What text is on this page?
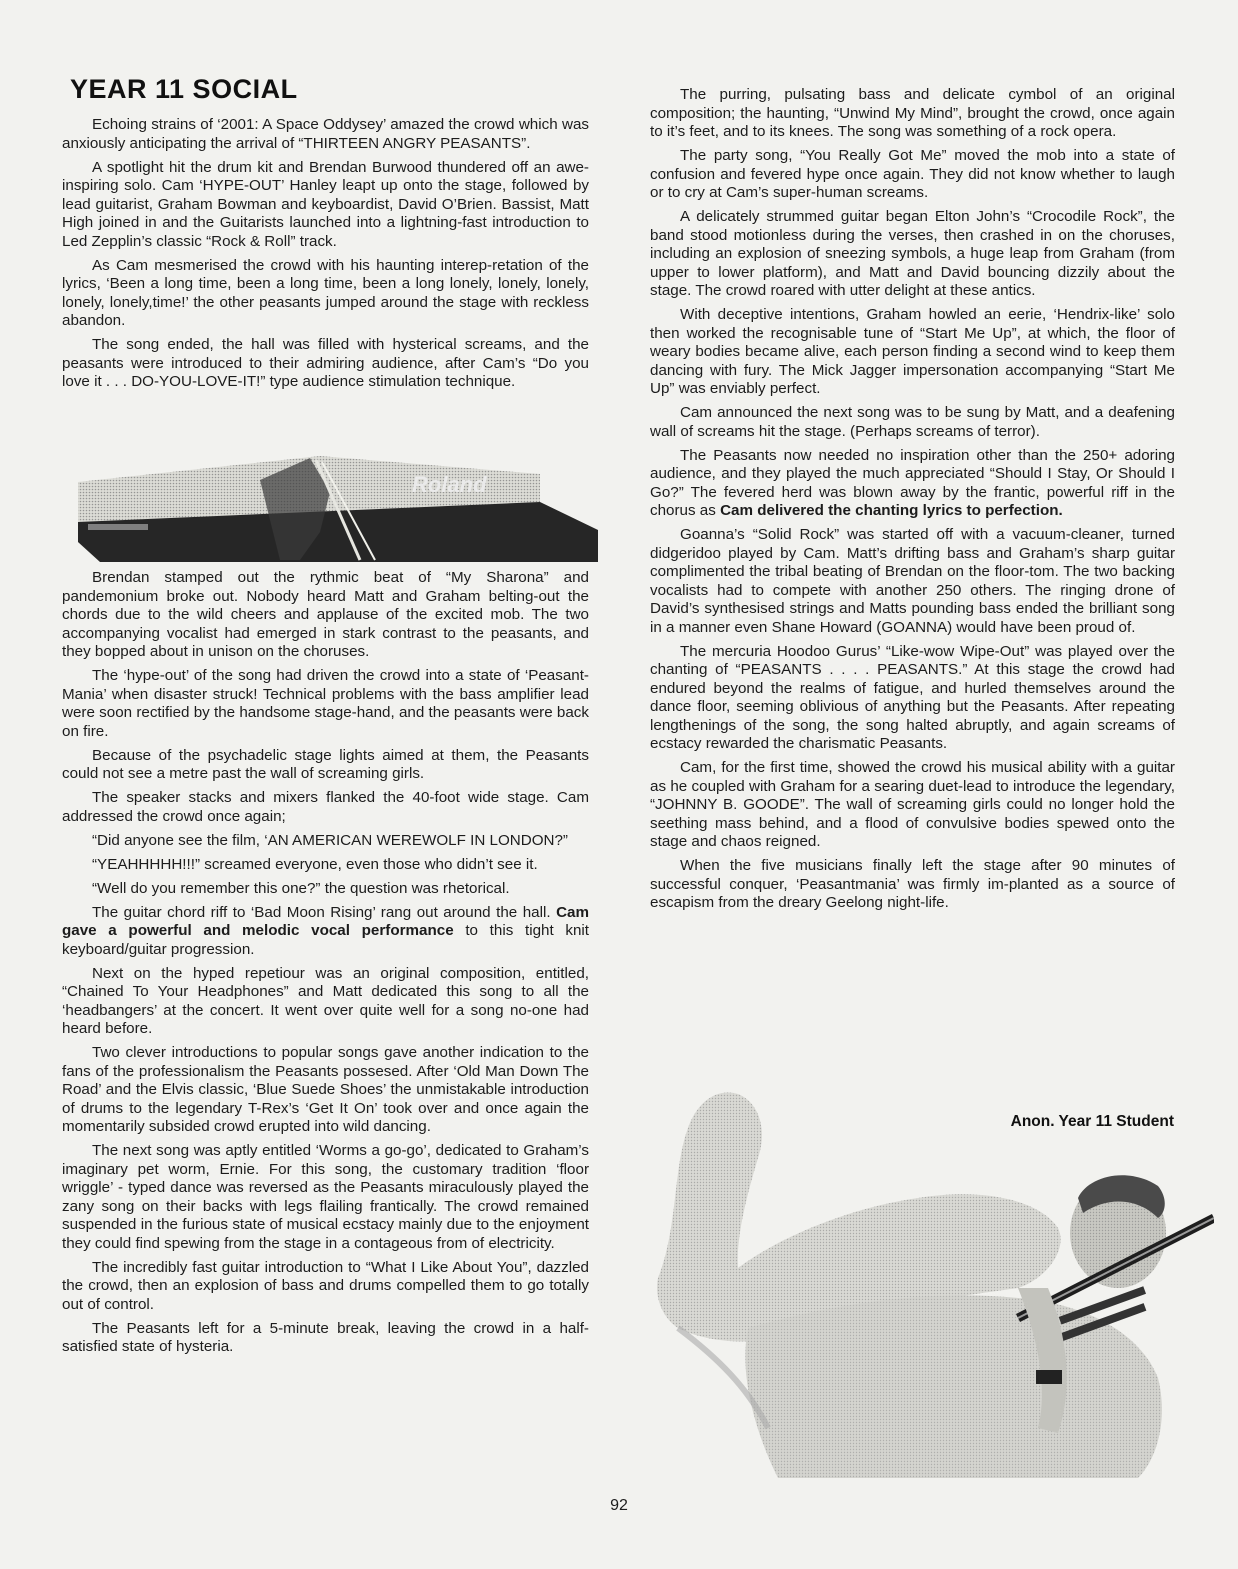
YEAR 11 SOCIAL

Echoing strains of ‘2001: A Space Oddysey’ amazed the crowd which was anxiously anticipating the arrival of “THIRTEEN ANGRY PEASANTS”.

A spotlight hit the drum kit and Brendan Burwood thundered off an awe-inspiring solo. Cam ‘HYPE-OUT’ Hanley leapt up onto the stage, followed by lead guitarist, Graham Bowman and keyboardist, David O’Brien. Bassist, Matt High joined in and the Guitarists launched into a lightning-fast introduction to Led Zepplin’s classic “Rock & Roll” track.

As Cam mesmerised the crowd with his haunting interep-retation of the lyrics, ‘Been a long time, been a long time, been a long lonely, lonely, lonely, lonely, lonely,time!’ the other peasants jumped around the stage with reckless abandon.

The song ended, the hall was filled with hysterical screams, and the peasants were introduced to their admiring audience, after Cam’s “Do you love it . . . DO-YOU-LOVE-IT!” type audience stimulation technique.

Roland

Brendan stamped out the rythmic beat of “My Sharona” and pandemonium broke out. Nobody heard Matt and Graham belting-out the chords due to the wild cheers and applause of the excited mob. The two accompanying vocalist had emerged in stark contrast to the peasants, and they bopped about in unison on the choruses.

The ‘hype-out’ of the song had driven the crowd into a state of ‘Peasant-Mania’ when disaster struck! Technical problems with the bass amplifier lead were soon rectified by the handsome stage-hand, and the peasants were back on fire.

Because of the psychadelic stage lights aimed at them, the Peasants could not see a metre past the wall of screaming girls.

The speaker stacks and mixers flanked the 40-foot wide stage. Cam addressed the crowd once again;

“Did anyone see the film, ‘AN AMERICAN WEREWOLF IN LONDON?”

“YEAHHHHH!!!” screamed everyone, even those who didn’t see it.

“Well do you remember this one?” the question was rhetorical.

The guitar chord riff to ‘Bad Moon Rising’ rang out around the hall. Cam gave a powerful and melodic vocal performance to this tight knit keyboard/guitar progression.

Next on the hyped repetiour was an original composition, entitled, “Chained To Your Headphones” and Matt dedicated this song to all the ‘headbangers’ at the concert. It went over quite well for a song no-one had heard before.

Two clever introductions to popular songs gave another indication to the fans of the professionalism the Peasants possesed. After ‘Old Man Down The Road’ and the Elvis classic, ‘Blue Suede Shoes’ the unmistakable introduction of drums to the legendary T-Rex’s ‘Get It On’ took over and once again the momentarily subsided crowd erupted into wild dancing.

The next song was aptly entitled ‘Worms a go-go’, dedicated to Graham’s imaginary pet worm, Ernie. For this song, the customary tradition ‘floor wriggle’ - typed dance was reversed as the Peasants miraculously played the zany song on their backs with legs flailing frantically. The crowd remained suspended in the furious state of musical ecstacy mainly due to the enjoyment they could find spewing from the stage in a contageous from of electricity.

The incredibly fast guitar introduction to “What I Like About You”, dazzled the crowd, then an explosion of bass and drums compelled them to go totally out of control.

The Peasants left for a 5-minute break, leaving the crowd in a half-satisfied state of hysteria.

The purring, pulsating bass and delicate cymbol of an original composition; the haunting, “Unwind My Mind”, brought the crowd, once again to it’s feet, and to its knees. The song was something of a rock opera.

The party song, “You Really Got Me” moved the mob into a state of confusion and fevered hype once again. They did not know whether to laugh or to cry at Cam’s super-human screams.

A delicately strummed guitar began Elton John’s “Crocodile Rock”, the band stood motionless during the verses, then crashed in on the choruses, including an explosion of sneezing symbols, a huge leap from Graham (from upper to lower platform), and Matt and David bouncing dizzily about the stage. The crowd roared with utter delight at these antics.

With deceptive intentions, Graham howled an eerie, ‘Hendrix-like’ solo then worked the recognisable tune of “Start Me Up”, at which, the floor of weary bodies became alive, each person finding a second wind to keep them dancing with fury. The Mick Jagger impersonation accompanying “Start Me Up” was enviably perfect.

Cam announced the next song was to be sung by Matt, and a deafening wall of screams hit the stage. (Perhaps screams of terror).

The Peasants now needed no inspiration other than the 250+ adoring audience, and they played the much appreciated “Should I Stay, Or Should I Go?” The fevered herd was blown away by the frantic, powerful riff in the chorus as Cam delivered the chanting lyrics to perfection.

Goanna’s “Solid Rock” was started off with a vacuum-cleaner, turned didgeridoo played by Cam. Matt’s drifting bass and Graham’s sharp guitar complimented the tribal beating of Brendan on the floor-tom. The two backing vocalists had to compete with another 250 others. The ringing drone of David’s synthesised strings and Matts pounding bass ended the brilliant song in a manner even Shane Howard (GOANNA) would have been proud of.

The mercuria Hoodoo Gurus’ “Like-wow Wipe-Out” was played over the chanting of “PEASANTS . . . . PEASANTS.” At this stage the crowd had endured beyond the realms of fatigue, and hurled themselves around the dance floor, seeming oblivious of anything but the Peasants. After repeating lengthenings of the song, the song halted abruptly, and again screams of ecstacy rewarded the charismatic Peasants.

Cam, for the first time, showed the crowd his musical ability with a guitar as he coupled with Graham for a searing duet-lead to introduce the legendary, “JOHNNY B. GOODE”. The wall of screaming girls could no longer hold the seething mass behind, and a flood of convulsive bodies spewed onto the stage and chaos reigned.

When the five musicians finally left the stage after 90 minutes of successful conquer, ‘Peasantmania’ was firmly im-planted as a source of escapism from the dreary Geelong night-life.

Anon. Year 11 Student
92
